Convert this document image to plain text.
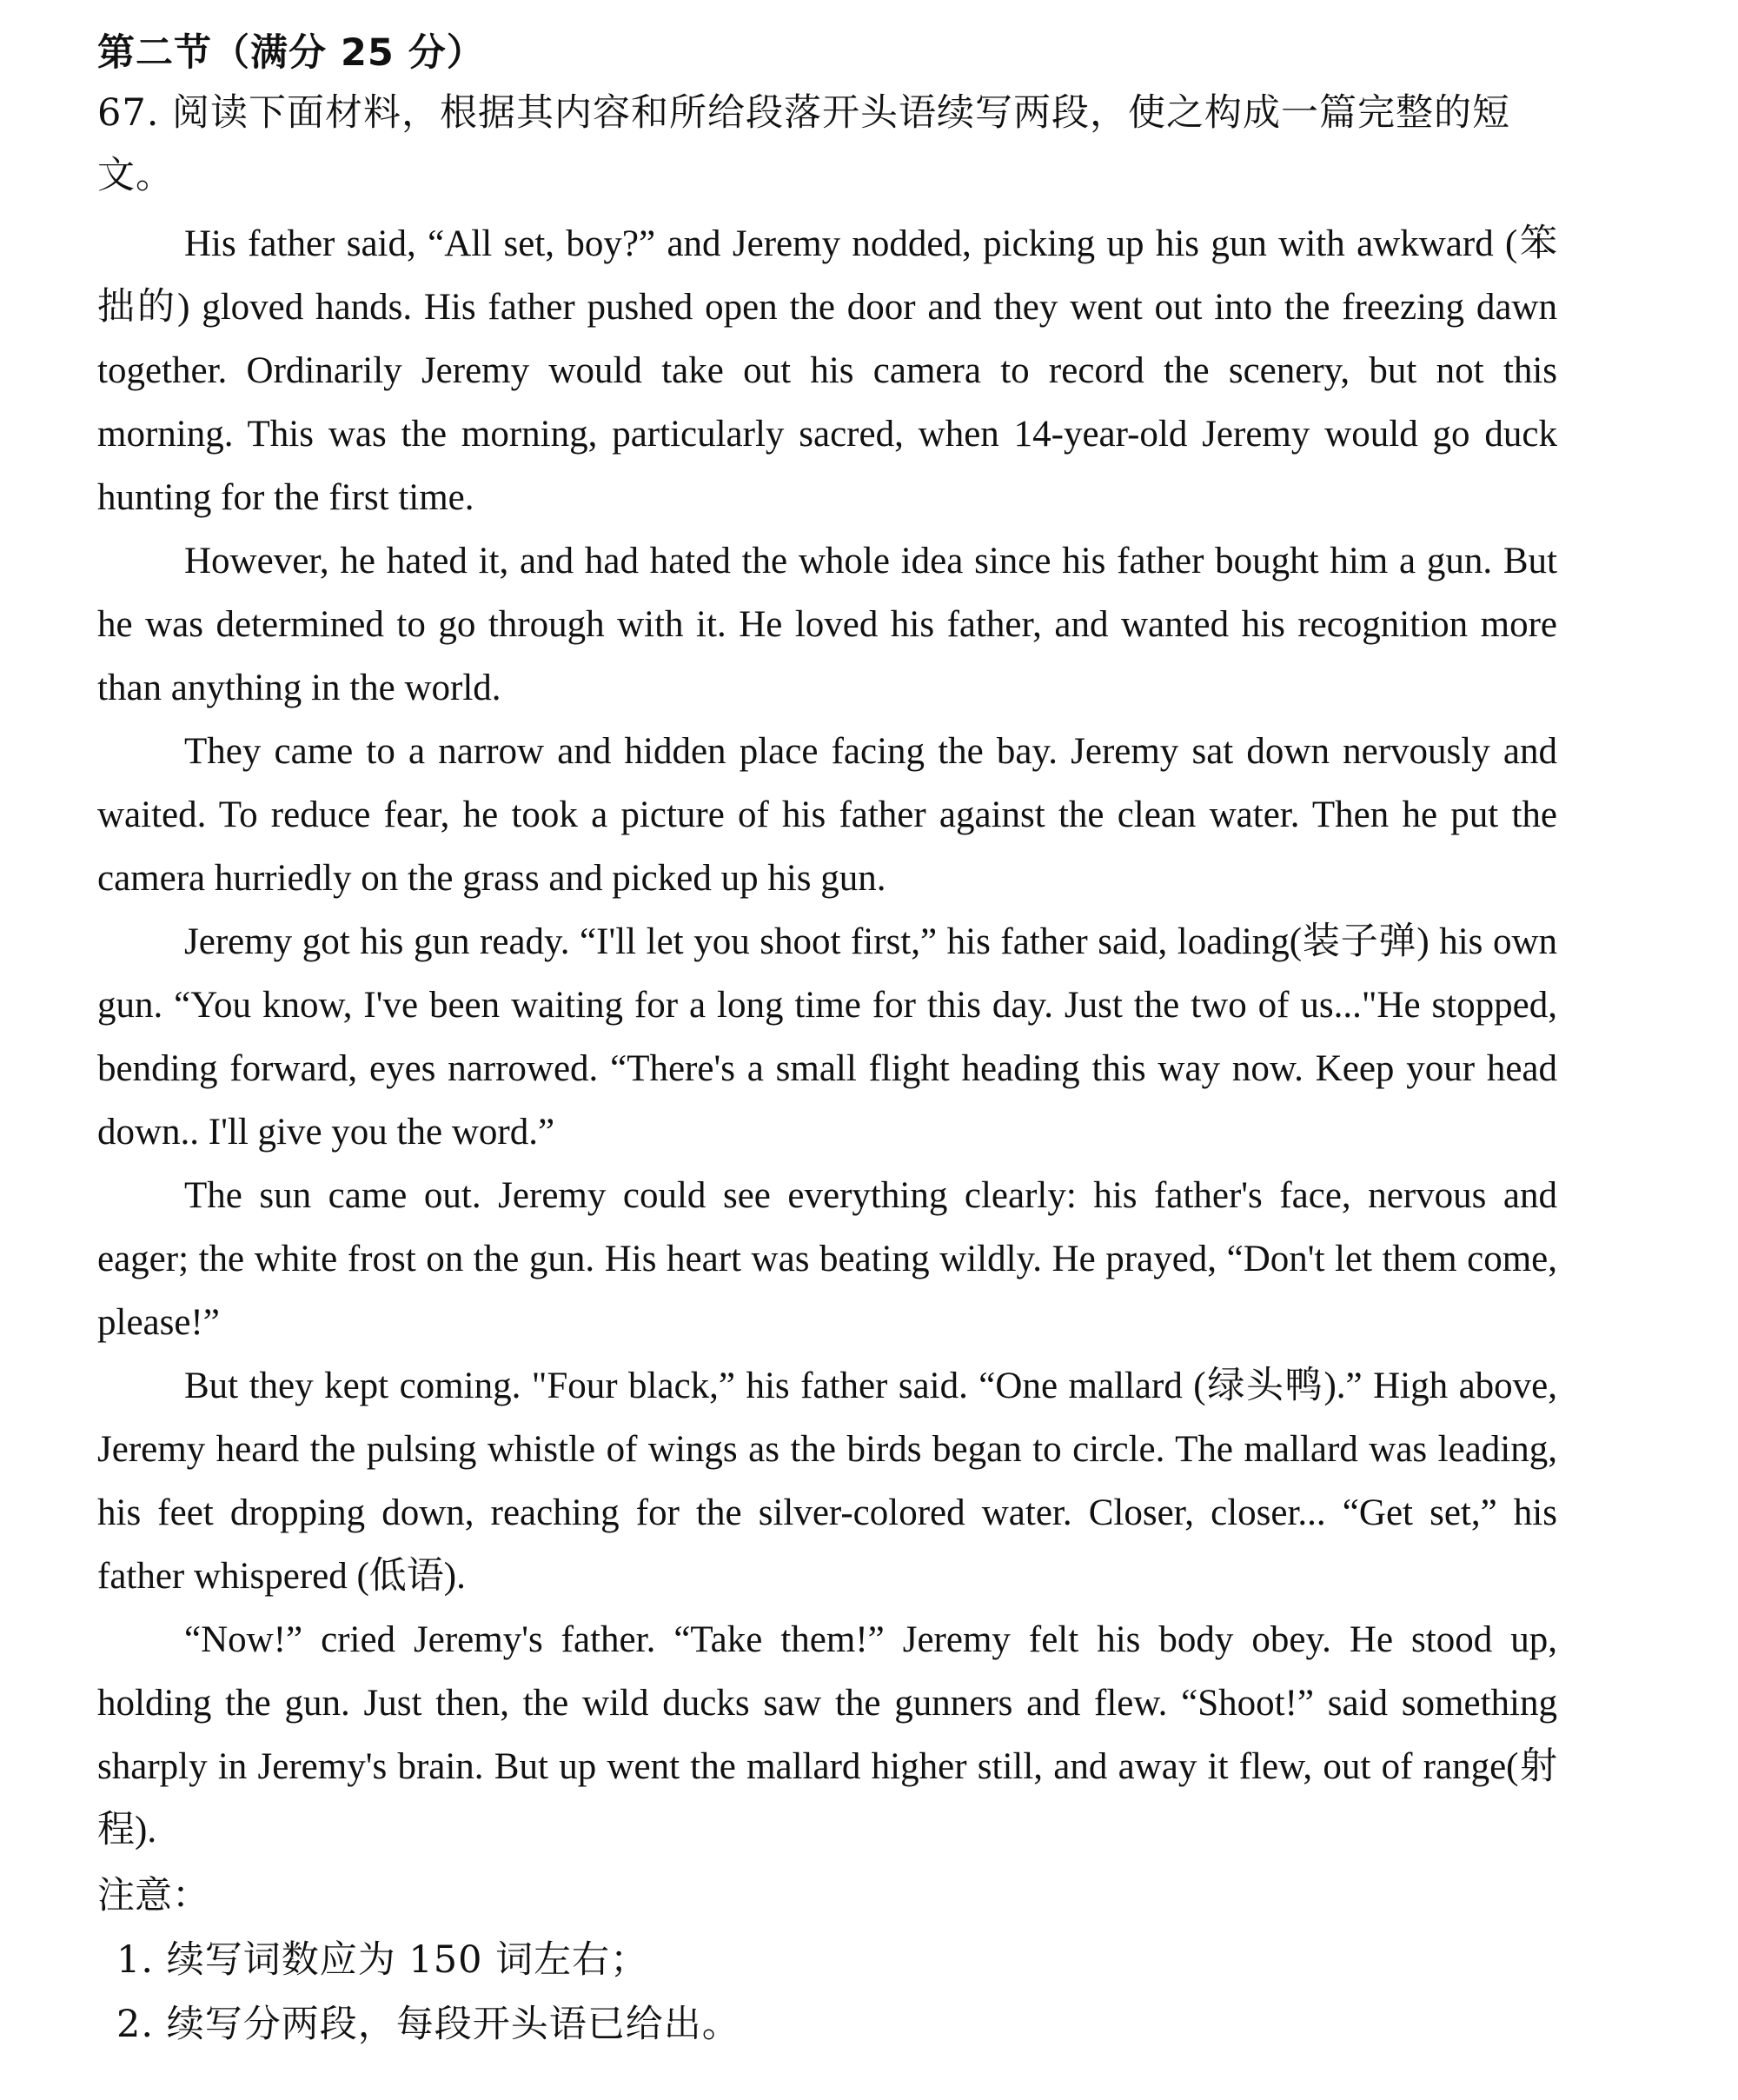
第二节（满分 25 分）

67. 阅读下面材料，根据其内容和所给段落开头语续写两段，使之构成一篇完整的短文。

His father said, “All set, boy?” and Jeremy nodded, picking up his gun with awkward (笨拙的) gloved hands. His father pushed open the door and they went out into the freezing dawn together. Ordinarily Jeremy would take out his camera to record the scenery, but not this morning. This was the morning, particularly sacred, when 14-year-old Jeremy would go duck hunting for the first time.

However, he hated it, and had hated the whole idea since his father bought him a gun. But he was determined to go through with it. He loved his father, and wanted his recognition more than anything in the world.

They came to a narrow and hidden place facing the bay. Jeremy sat down nervously and waited. To reduce fear, he took a picture of his father against the clean water. Then he put the camera hurriedly on the grass and picked up his gun.

Jeremy got his gun ready. “I'll let you shoot first,” his father said, loading(装子弹) his own gun. “You know, I've been waiting for a long time for this day. Just the two of us..."He stopped, bending forward, eyes narrowed. “There's a small flight heading this way now. Keep your head down.. I'll give you the word.”

The sun came out. Jeremy could see everything clearly: his father's face, nervous and eager; the white frost on the gun. His heart was beating wildly. He prayed, “Don't let them come, please!”

But they kept coming. "Four black,” his father said. “One mallard (绿头鸭).” High above, Jeremy heard the pulsing whistle of wings as the birds began to circle. The mallard was leading, his feet dropping down, reaching for the silver-colored water. Closer, closer... “Get set,” his father whispered (低语).

“Now!” cried Jeremy's father. “Take them!” Jeremy felt his body obey. He stood up, holding the gun. Just then, the wild ducks saw the gunners and flew. “Shoot!” said something sharply in Jeremy's brain. But up went the mallard higher still, and away it flew, out of range(射程).

注意：

1. 续写词数应为 150 词左右；

2. 续写分两段，每段开头语已给出。
